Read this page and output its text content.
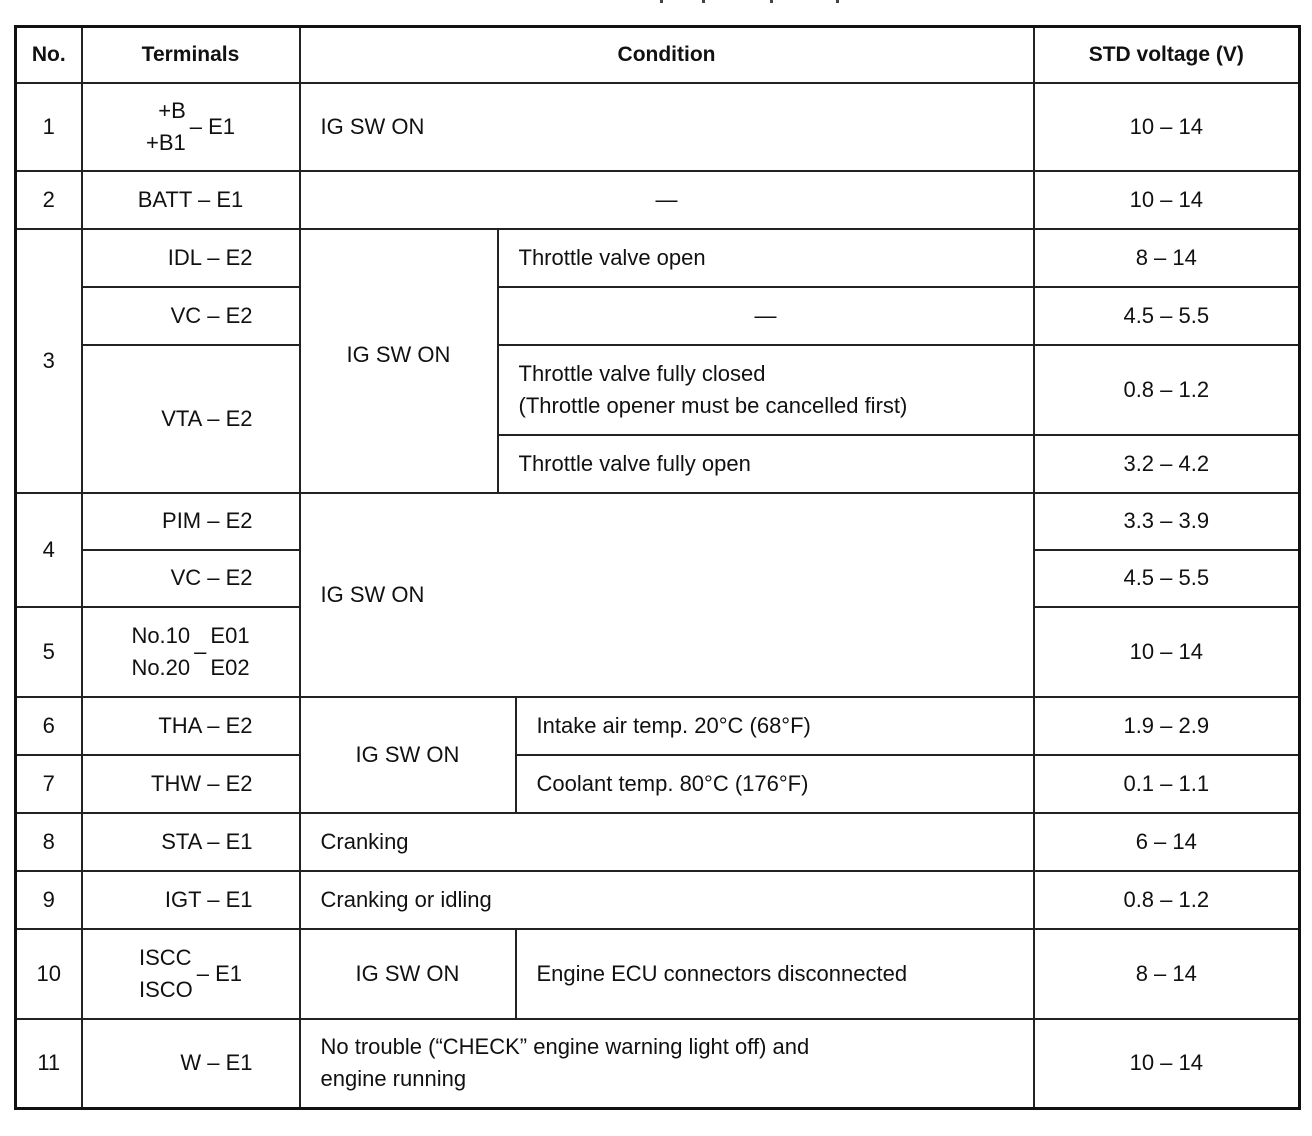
No.	Terminals	Condition			STD voltage (V)
1	+B
+B1
– E1	IG SW ON			10 – 14
2	BATT – E1	—			10 – 14
3	IDL – E2	IG SW ON	Throttle valve open		8 – 14
	VC – E2		—		4.5 – 5.5
	VTA – E2		Throttle valve fully closed
(Throttle opener must be cancelled first)		0.8 – 1.2
			Throttle valve fully open		3.2 – 4.2
4	PIM – E2	IG SW ON			3.3 – 3.9
	VC – E2				4.5 – 5.5
5	No.10
No.20
–
E01
E02				10 – 14
6	THA – E2	IG SW ON		Intake air temp. 20°C (68°F)	1.9 – 2.9
7	THW – E2			Coolant temp. 80°C (176°F)	0.1 – 1.1
8	STA – E1	Cranking			6 – 14
9	IGT – E1	Cranking or idling			0.8 – 1.2
10	ISCC
ISCO
– E1	IG SW ON		Engine ECU connectors disconnected	8 – 14
11	W – E1	No trouble (“CHECK” engine warning light off) and
engine running			10 – 14
